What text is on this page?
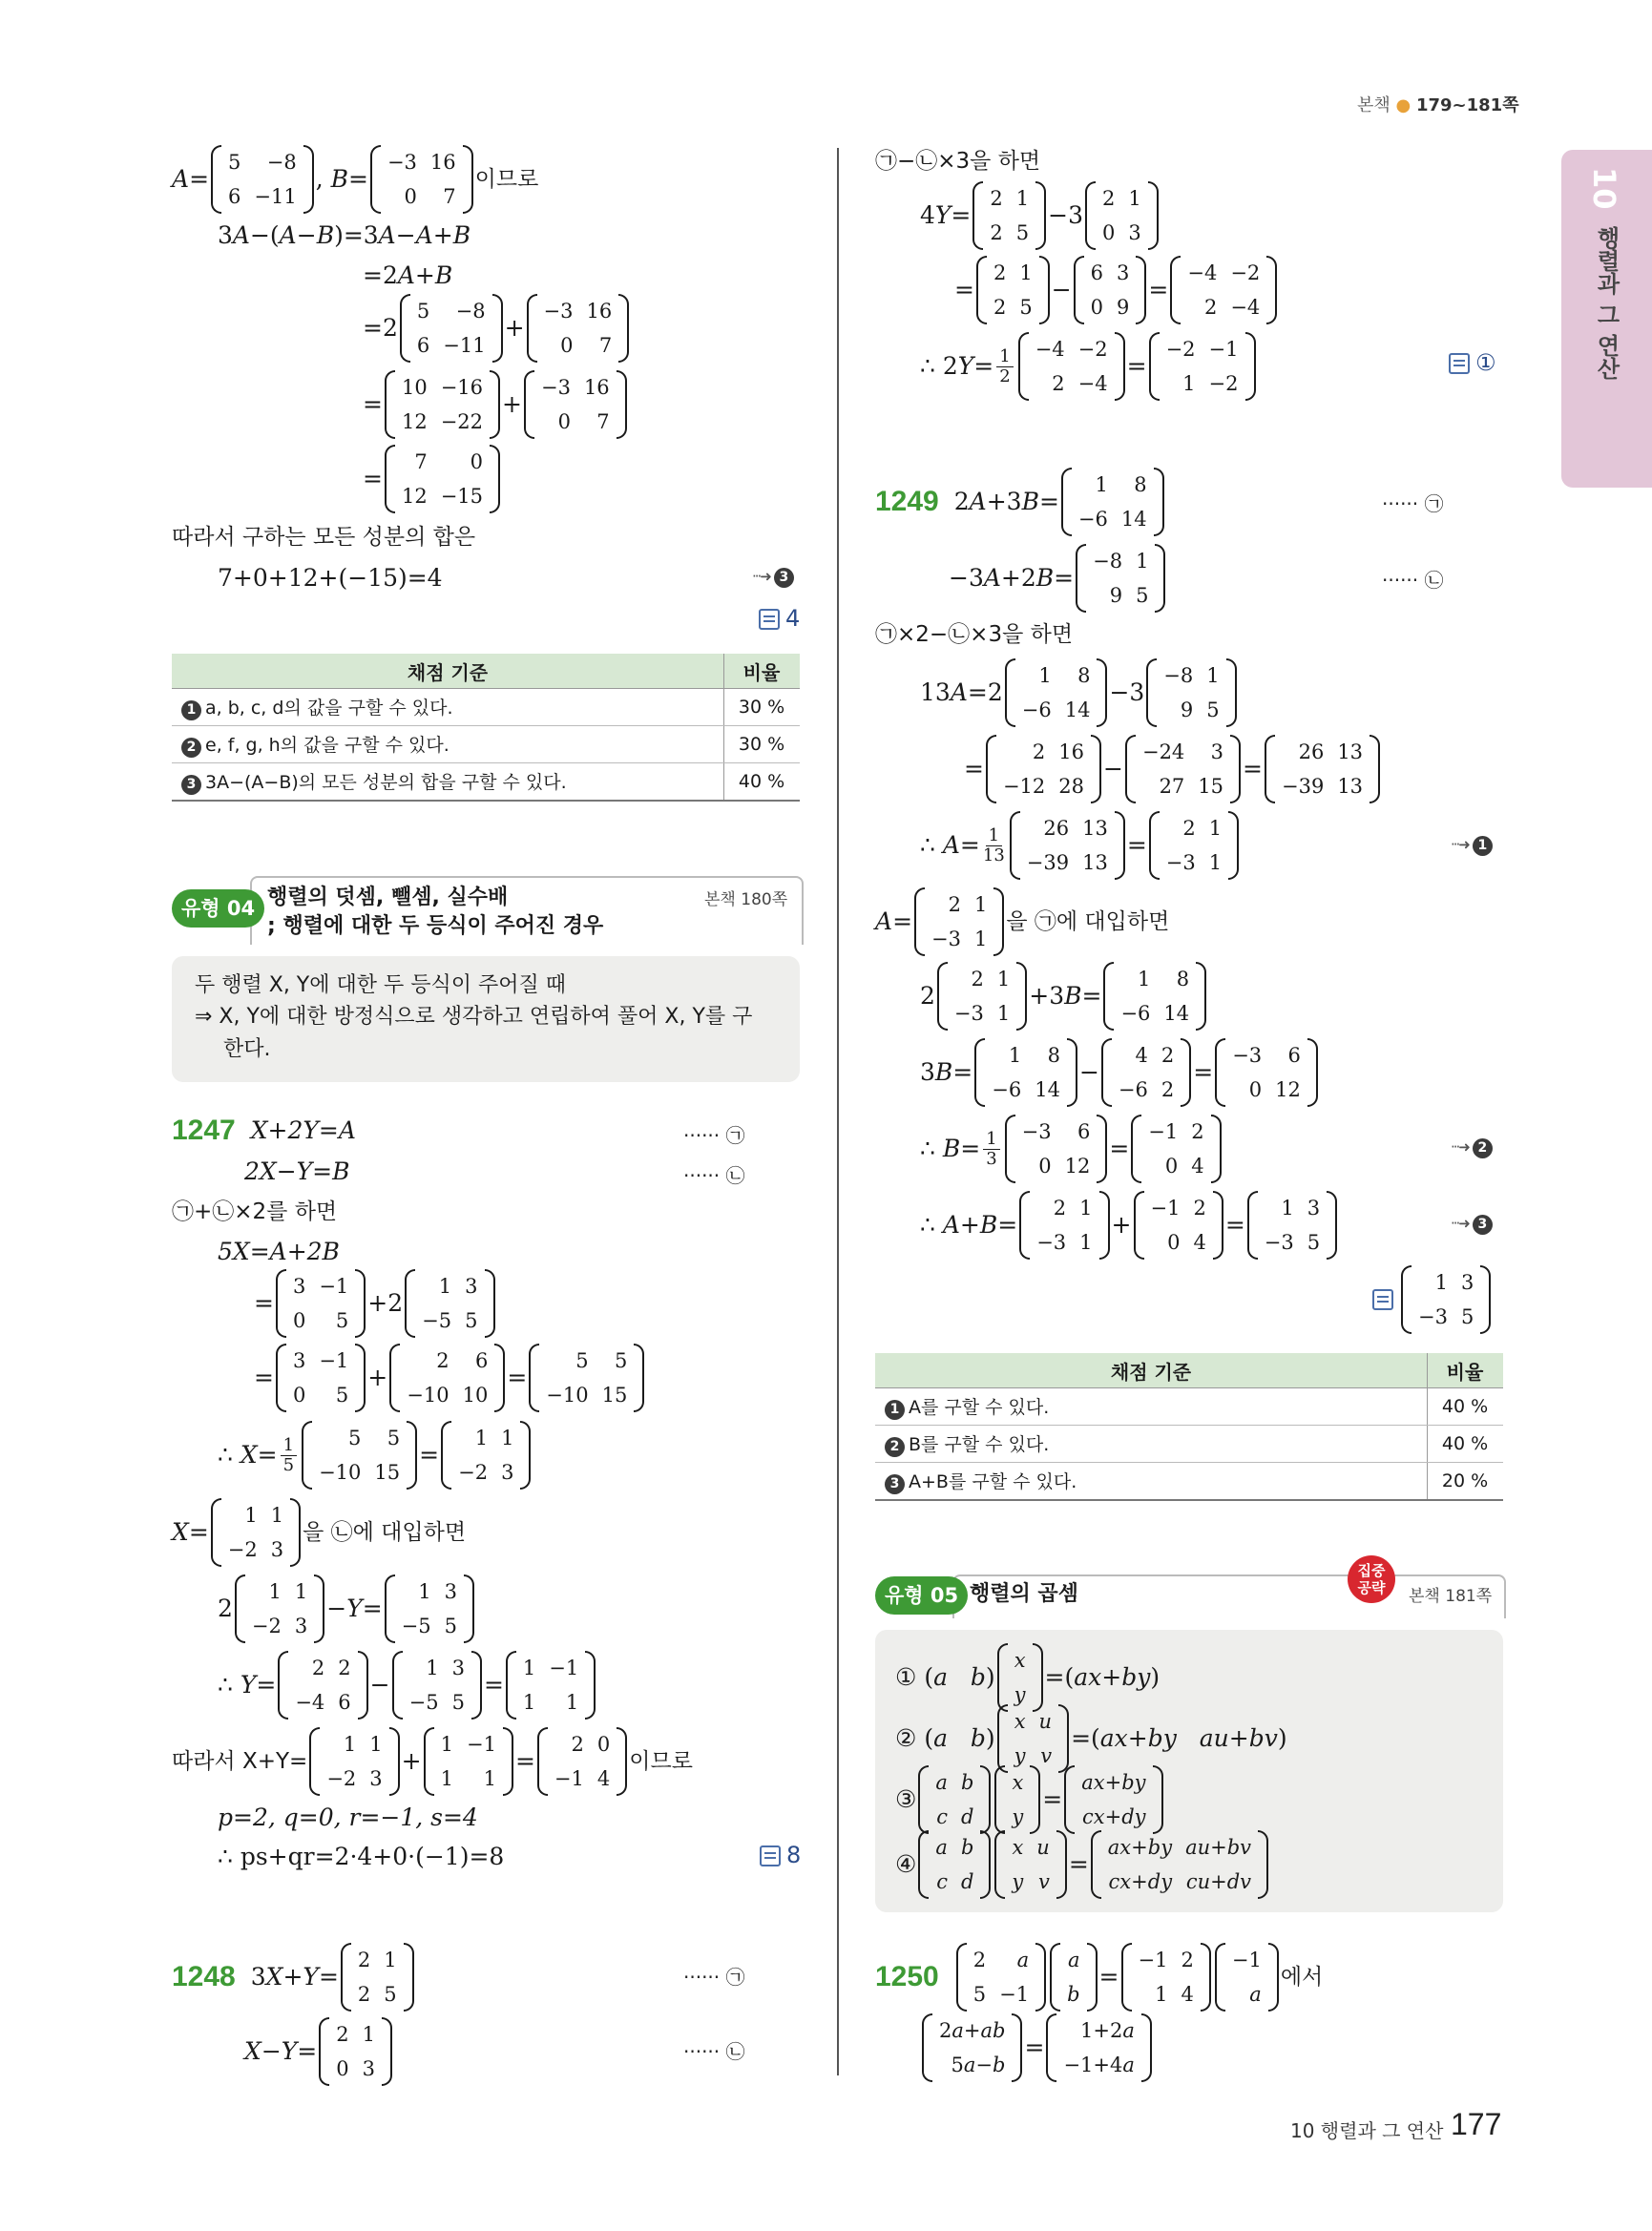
본책 ● 179~181쪽
10
행렬과 그 연산
A=
5	−8
6	−11
, B=
−3	16
0	7
이므로
3A−(A−B)=3A−A+B
=2A+B
=2
5	−8
6	−11
+
−3	16
0	7
=
10	−16
12	−22
+
−3	16
0	7
=
7	0
12	−15
따라서 구하는 모든 성분의 합은
7+0+12+(−15)=4	···➜ 3
4
채점 기준	비율
1 a, b, c, d의 값을 구할 수 있다.	30 %
2 e, f, g, h의 값을 구할 수 있다.	30 %
3 3A−(A−B)의 모든 성분의 합을 구할 수 있다.	40 %
유형 04 행렬의 덧셈, 뺄셈, 실수배
; 행렬에 대한 두 등식이 주어진 경우
본책 180쪽
두 행렬 X, Y에 대한 두 등식이 주어질 때
⇒ X, Y에 대한 방정식으로 생각하고 연립하여 풀어 X, Y를 구
한다.
1247 X+2Y=A	······ ㉠
2X−Y=B	······ ㉡
㉠+㉡×2를 하면
5X=A+2B
=
3	−1
0	5
+2
1	3
−5	5
=
3	−1
0	5
+
2	6
−10	10
=
5	5
−10	15
∴ $X= \frac{1}{5}$	5	5
−10	15
=
1	1
−2	3
X=
1	1
−2	3
을 ㉡에 대입하면
2
1	1
−2	3
−Y=
1	3
−5	5
∴ Y=
2	2
−4	6
−
1	3
−5	5
=
1	−1
1	1
따라서 X+Y=
1	1
−2	3
+
1	−1
1	1
=
2	0
−1	4
이므로
p=2, q=0, r=−1, s=4
∴ ps+qr=2·4+0·(−1)=8	8
1248 3X+Y=
2	1
2	5
······ ㉠
X−Y=
2	1
0	3
······ ㉡
㉠−㉡×3을 하면
4Y=
2	1
2	5
−3
2	1
0	3
=
2	1
2	5
−
6	3
0	9
=
−4	−2
2	−4
∴ $2Y= \frac{1}{2} -4$	−2
2	−4
=
−2	−1
1	−2
①
1249 2A+3B=
1	8
−6	14
······ ㉠
−3A+2B=
−8	1
9	5
······ ㉡
㉠×2−㉡×3을 하면
13A=2
1	8
−6	14
−3
−8	1
9	5
=
2	16
−12	28
−
−24	3
27	15
=
26	13
−39	13
∴ $A= \frac{1}{13} 26$	13
−39	13
=
2	1
−3	1
···➜ 1
A=
2	1
−3	1
을 ㉠에 대입하면
2
2	1
−3	1
+3B=
1	8
−6	14
3B=
1	8
−6	14
−
4	2
−6	2
=
−3	6
0	12
∴ $B= \frac{1}{3} -3$	6
0	12
=
−1	2
0	4
···➜ 2
∴ A+B=
2	1
−3	1
+
−1	2
0	4
=
1	3
−3	5
···➜ 3
1	3
−3	5
채점 기준	비율
1 A를 구할 수 있다.	40 %
2 B를 구할 수 있다.	40 %
3 A+B를 구할 수 있다.	20 %
유형 05 행렬의 곱셈
집중
공략	본책 181쪽
① (a b)
x
y
=(ax+by)
② (a b)
x	u
y	v
=(ax+by au+bv)
③
a	b
c	d
x
y
=
ax+by
cx+dy
④
a	b
c	d
x	u
y	v
=
ax+by	au+bv
cx+dy	cu+dv
1250
2	a
5	−1
a
b
=
−1	2
1	4
−1
a
에서
2a+ab
5a−b
=
1+2a
−1+4a
10 행렬과 그 연산 177
